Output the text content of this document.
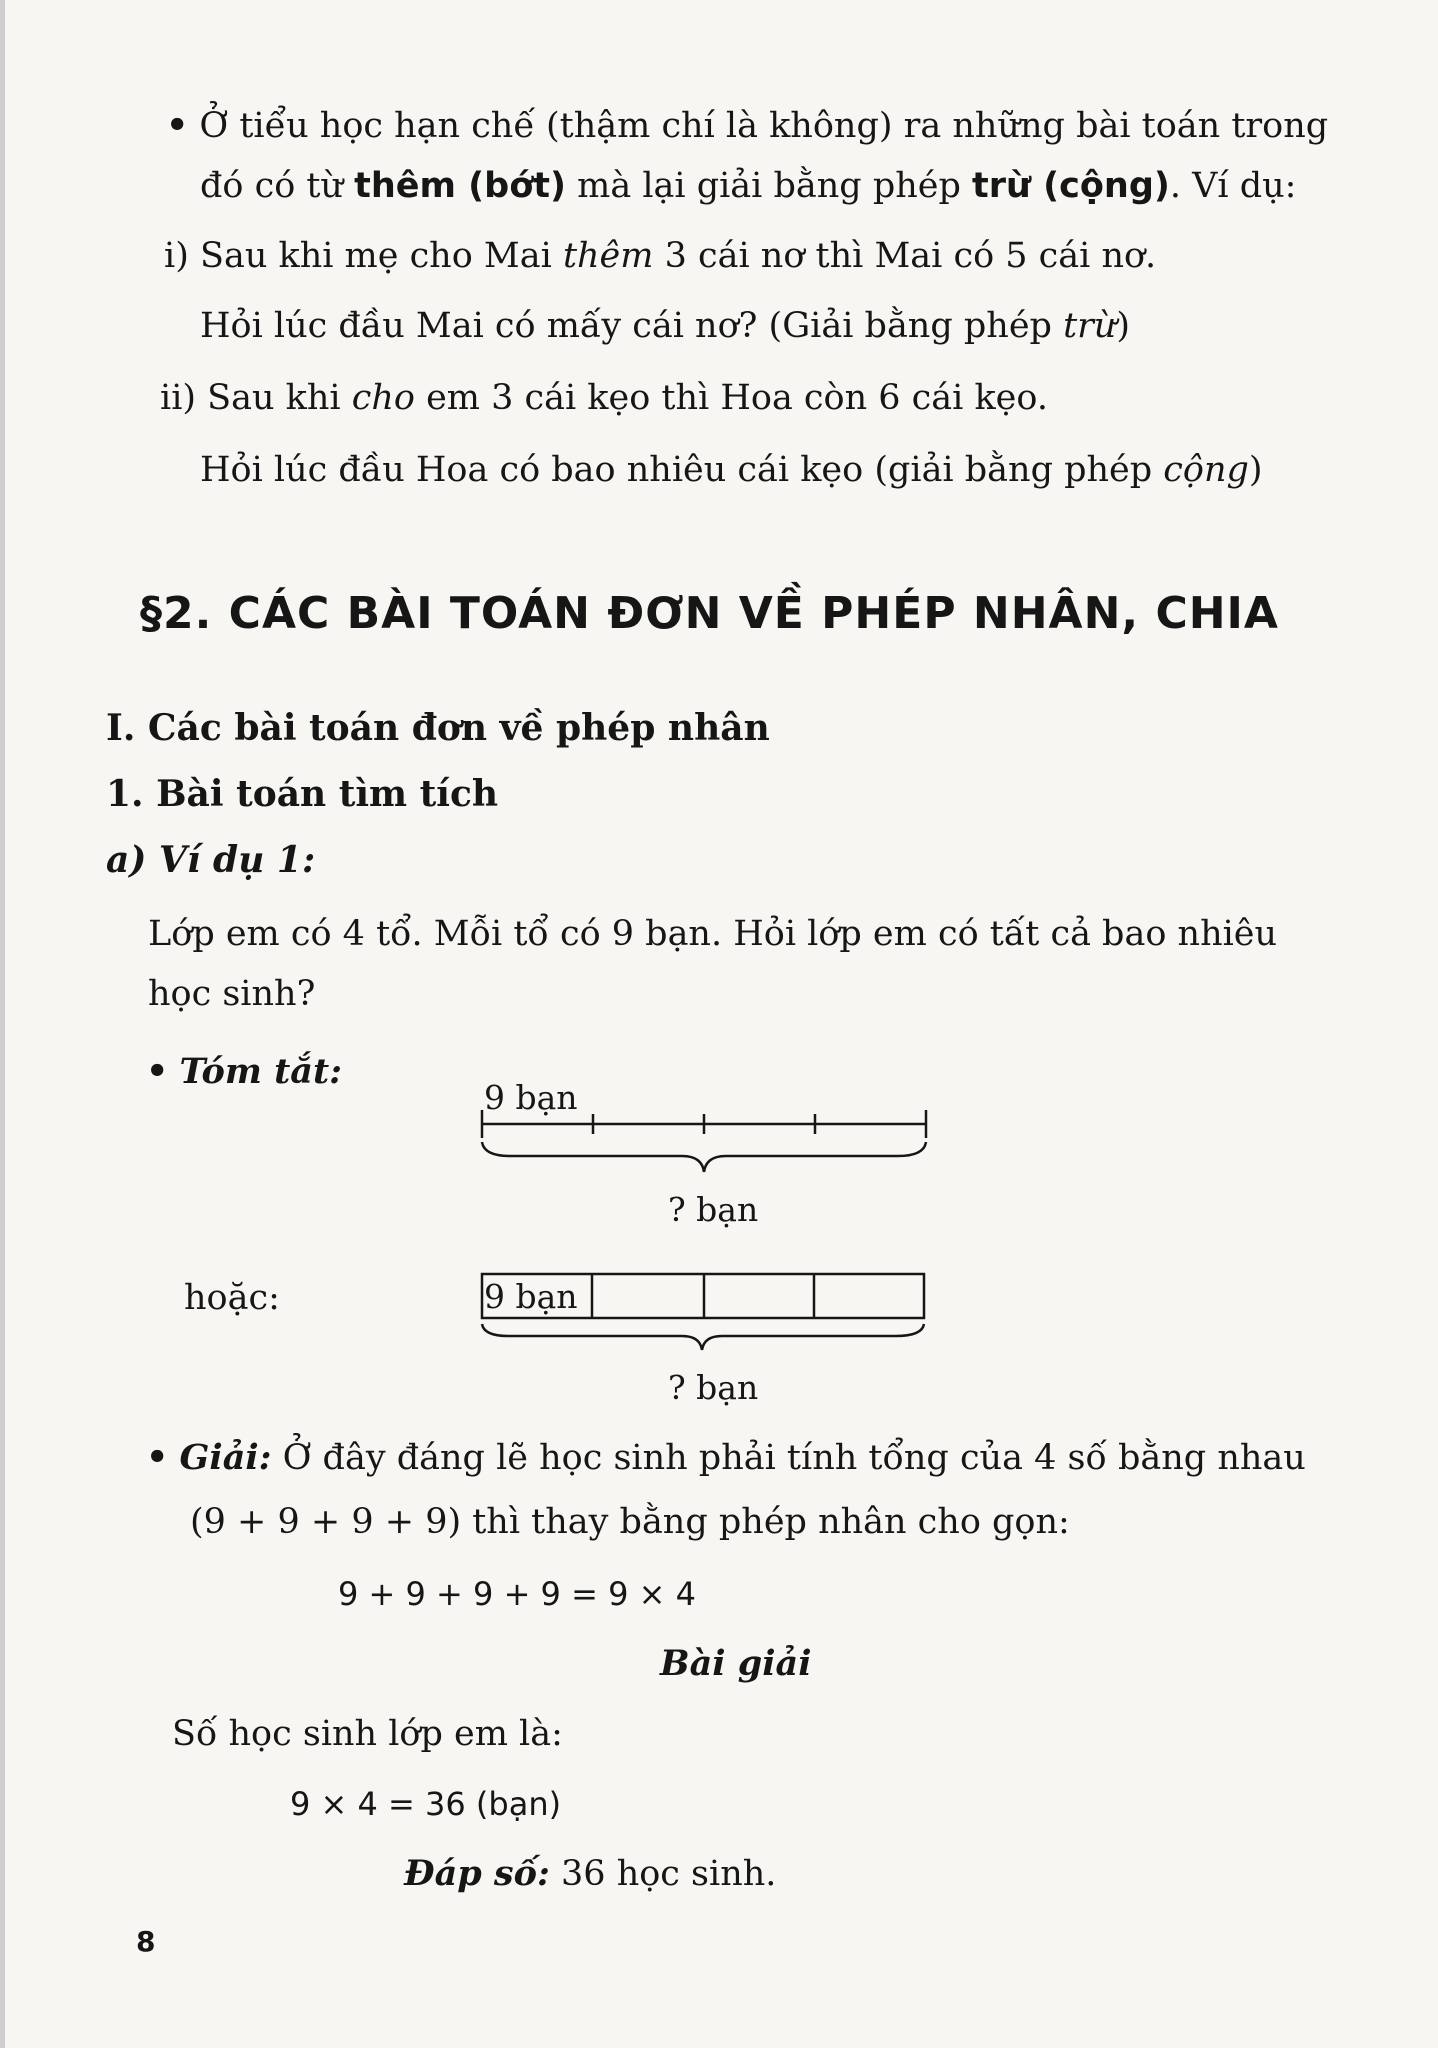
• Ở tiểu học hạn chế (thậm chí là không) ra những bài toán trong
đó có từ thêm (bớt) mà lại giải bằng phép trừ (cộng). Ví dụ:
i) Sau khi mẹ cho Mai thêm 3 cái nơ thì Mai có 5 cái nơ.
Hỏi lúc đầu Mai có mấy cái nơ? (Giải bằng phép trừ)
ii) Sau khi cho em 3 cái kẹo thì Hoa còn 6 cái kẹo.
Hỏi lúc đầu Hoa có bao nhiêu cái kẹo (giải bằng phép cộng)
§2. CÁC BÀI TOÁN ĐƠN VỀ PHÉP NHÂN, CHIA
I. Các bài toán đơn về phép nhân
1. Bài toán tìm tích
a) Ví dụ 1:
Lớp em có 4 tổ. Mỗi tổ có 9 bạn. Hỏi lớp em có tất cả bao nhiêu
học sinh?
• Tóm tắt:
9 bạn
? bạn
hoặc:	9 bạn
? bạn
• Giải: Ở đây đáng lẽ học sinh phải tính tổng của 4 số bằng nhau
(9 + 9 + 9 + 9) thì thay bằng phép nhân cho gọn:
9 + 9 + 9 + 9 = 9 × 4
Bài giải
Số học sinh lớp em là:
9 × 4 = 36 (bạn)
Đáp số: 36 học sinh.
8
